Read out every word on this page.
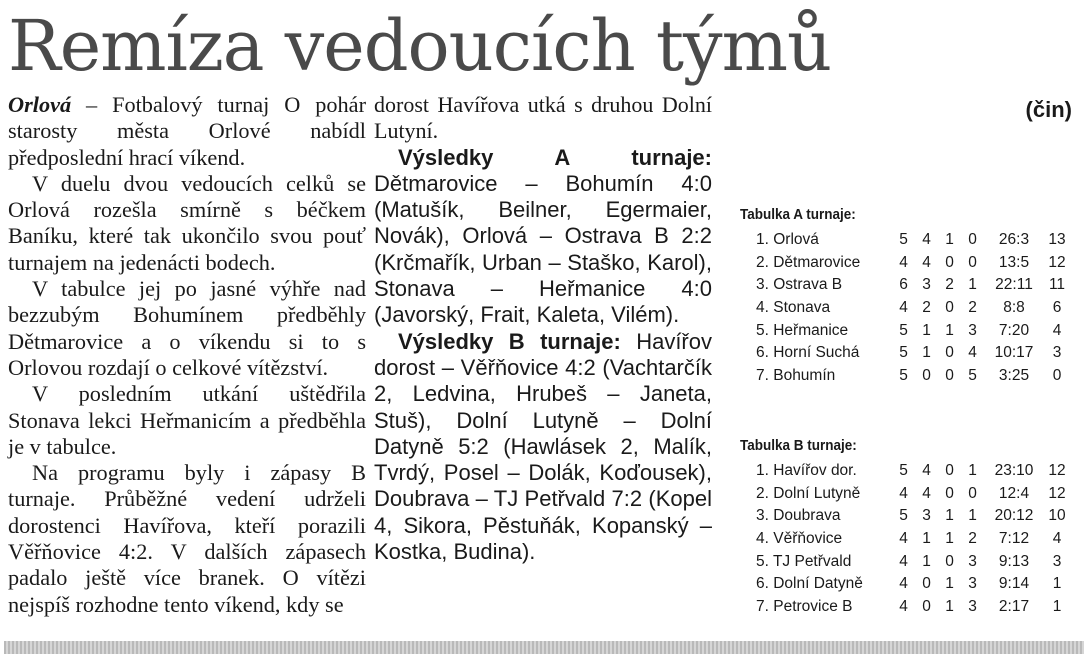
Remíza vedoucích týmů

Orlová – Fotbalový turnaj O pohár starosty města Orlové nabídl předposlední hrací víkend.

V duelu dvou vedoucích celků se Orlová rozešla smírně s béčkem Baníku, které tak ukončilo svou pouť turnajem na jedenácti bodech.

V tabulce jej po jasné výhře nad bezzubým Bohumínem předběhly Dětmarovice a o víkendu si to s Orlovou rozdají o celkové vítězství.

V posledním utkání uštědřila Stonava lekci Heřmanicím a předběhla je v tabulce.

Na programu byly i zápasy B turnaje. Průběžné vedení udrželi dorostenci Havířova, kteří porazili Věřňovice 4:2. V dalších zápasech padalo ještě více branek. O vítězi nejspíš rozhodne tento víkend, kdy se

dorost Havířova utká s druhou Dolní Lutyní.

Výsledky A turnaje: Dětmarovice – Bohumín 4:0 (Matušík, Beilner, Egermaier, Novák), Orlová – Ostrava B 2:2 (Krčmařík, Urban – Staško, Karol), Stonava – Heřmanice 4:0 (Javorský, Frait, Kaleta, Vilém).

Výsledky B turnaje: Havířov dorost – Věřňovice 4:2 (Vachtarčík 2, Ledvina, Hrubeš – Janeta, Stuš), Dolní Lutyně – Dolní Datyně 5:2 (Hawlásek 2, Malík, Tvrdý, Posel – Dolák, Koďousek), Doubrava – TJ Petřvald 7:2 (Kopel 4, Sikora, Pěstuňák, Kopanský – Kostka, Budina).

(čin)

Tabulka A turnaje:
1. Orlová	5	4	1	0	26:3	13
2. Dětmarovice	4	4	0	0	13:5	12
3. Ostrava B	6	3	2	1	22:11	11
4. Stonava	4	2	0	2	8:8	6
5. Heřmanice	5	1	1	3	7:20	4
6. Horní Suchá	5	1	0	4	10:17	3
7. Bohumín	5	0	0	5	3:25	0
Tabulka B turnaje:
1. Havířov dor.	5	4	0	1	23:10	12
2. Dolní Lutyně	4	4	0	0	12:4	12
3. Doubrava	5	3	1	1	20:12	10
4. Věřňovice	4	1	1	2	7:12	4
5. TJ Petřvald	4	1	0	3	9:13	3
6. Dolní Datyně	4	0	1	3	9:14	1
7. Petrovice B	4	0	1	3	2:17	1
